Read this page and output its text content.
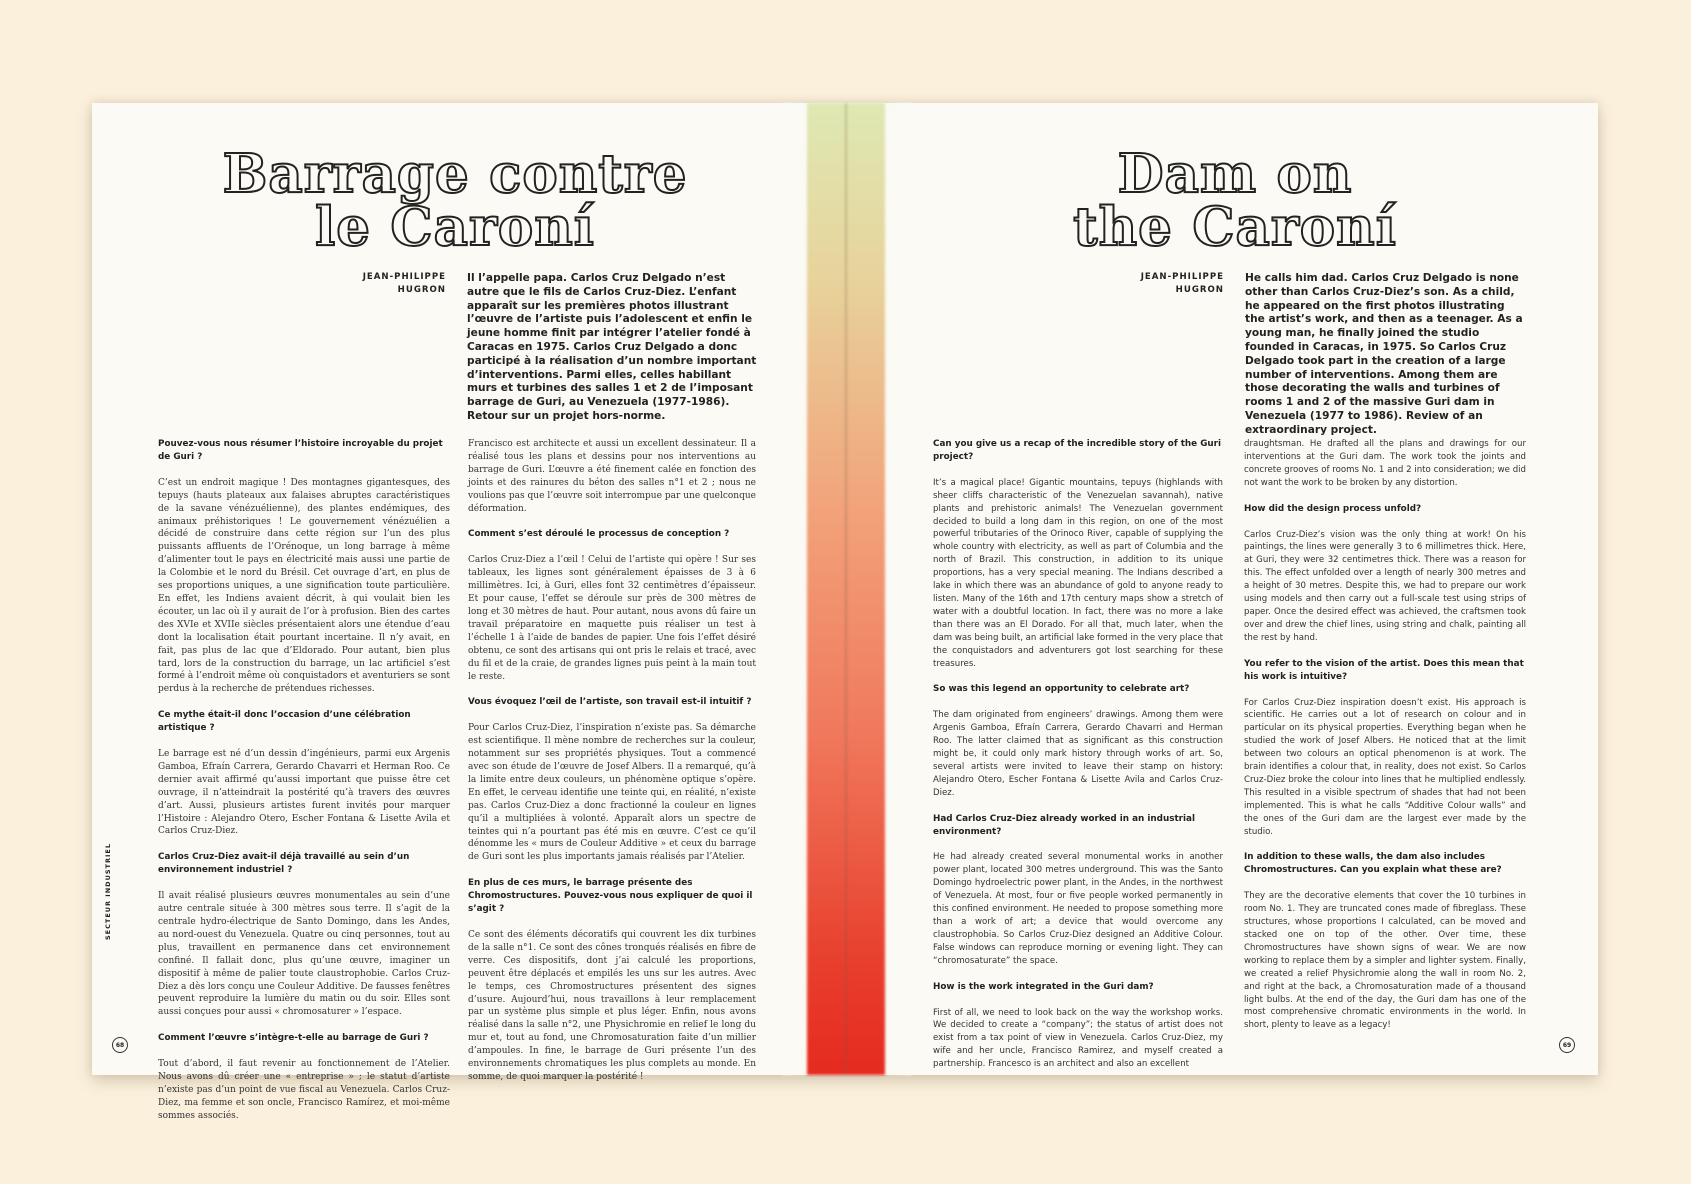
Barrage contre
le Caroní
JEAN-PHILIPPE
HUGRON
Il l’appelle papa. Carlos Cruz Delgado n’est autre que le fils de Carlos Cruz-Diez. L’enfant apparaît sur les premières photos illustrant l’œuvre de l’artiste puis l’adolescent et enfin le jeune homme finit par intégrer l’atelier fondé à Caracas en 1975. Carlos Cruz Delgado a donc participé à la réalisation d’un nombre important d’interventions. Parmi elles, celles habillant murs et turbines des salles 1 et 2 de l’imposant barrage de Guri, au Venezuela (1977-1986). Retour sur un projet hors-norme.
Pouvez-vous nous résumer l’histoire incroyable du projet de Guri ?

C’est un endroit magique ! Des montagnes gigantesques, des tepuys (hauts plateaux aux falaises abruptes caractéristiques de la savane vénézuélienne), des plantes endémiques, des animaux préhistoriques ! Le gouvernement vénézuélien a décidé de construire dans cette région sur l’un des plus puissants affluents de l’Orénoque, un long barrage à même d’alimenter tout le pays en électricité mais aussi une partie de la Colombie et le nord du Brésil. Cet ouvrage d’art, en plus de ses proportions uniques, a une signification toute particulière. En effet, les Indiens avaient décrit, à qui voulait bien les écouter, un lac où il y aurait de l’or à profusion. Bien des cartes des XVIe et XVIIe siècles présentaient alors une étendue d’eau dont la localisation était pourtant incertaine. Il n’y avait, en fait, pas plus de lac que d’Eldorado. Pour autant, bien plus tard, lors de la construction du barrage, un lac artificiel s’est formé à l’endroit même où conquistadors et aventuriers se sont perdus à la recherche de prétendues richesses.

Ce mythe était-il donc l’occasion d’une célébration artistique ?

Le barrage est né d’un dessin d’ingénieurs, parmi eux Argenis Gamboa, Efraín Carrera, Gerardo Chavarri et Herman Roo. Ce dernier avait affirmé qu’aussi important que puisse être cet ouvrage, il n’atteindrait la postérité qu’à travers des œuvres d’art. Aussi, plusieurs artistes furent invités pour marquer l’Histoire : Alejandro Otero, Escher Fontana & Lisette Avila et Carlos Cruz-Diez.

Carlos Cruz-Diez avait-il déjà travaillé au sein d’un environnement industriel ?

Il avait réalisé plusieurs œuvres monumentales au sein d’une autre centrale située à 300 mètres sous terre. Il s’agit de la centrale hydro-électrique de Santo Domingo, dans les Andes, au nord-ouest du Venezuela. Quatre ou cinq personnes, tout au plus, travaillent en permanence dans cet environnement confiné. Il fallait donc, plus qu’une œuvre, imaginer un dispositif à même de palier toute claustrophobie. Carlos Cruz-Diez a dès lors conçu une Couleur Additive. De fausses fenêtres peuvent reproduire la lumière du matin ou du soir. Elles sont aussi conçues pour aussi « chromosaturer » l’espace.

Comment l’œuvre s’intègre-t-elle au barrage de Guri ?

Tout d’abord, il faut revenir au fonctionnement de l’Atelier. Nous avons dû créer une « entreprise » ; le statut d’artiste n’existe pas d’un point de vue fiscal au Venezuela. Carlos Cruz-Diez, ma femme et son oncle, Francisco Ramírez, et moi-même sommes associés.

Francisco est architecte et aussi un excellent dessinateur. Il a réalisé tous les plans et dessins pour nos interventions au barrage de Guri. L’œuvre a été finement calée en fonction des joints et des rainures du béton des salles n°1 et 2 ; nous ne voulions pas que l’œuvre soit interrompue par une quelconque déformation.

Comment s’est déroulé le processus de conception ?

Carlos Cruz-Diez a l’œil ! Celui de l’artiste qui opère ! Sur ses tableaux, les lignes sont généralement épaisses de 3 à 6 millimètres. Ici, à Guri, elles font 32 centimètres d’épaisseur. Et pour cause, l’effet se déroule sur près de 300 mètres de long et 30 mètres de haut. Pour autant, nous avons dû faire un travail préparatoire en maquette puis réaliser un test à l’échelle 1 à l’aide de bandes de papier. Une fois l’effet désiré obtenu, ce sont des artisans qui ont pris le relais et tracé, avec du fil et de la craie, de grandes lignes puis peint à la main tout le reste.

Vous évoquez l’œil de l’artiste, son travail est-il intuitif ?

Pour Carlos Cruz-Diez, l’inspiration n’existe pas. Sa démarche est scientifique. Il mène nombre de recherches sur la couleur, notamment sur ses propriétés physiques. Tout a commencé avec son étude de l’œuvre de Josef Albers. Il a remarqué, qu’à la limite entre deux couleurs, un phénomène optique s’opère. En effet, le cerveau identifie une teinte qui, en réalité, n’existe pas. Carlos Cruz-Diez a donc fractionné la couleur en lignes qu’il a multipliées à volonté. Apparaît alors un spectre de teintes qui n’a pourtant pas été mis en œuvre. C’est ce qu’il dénomme les « murs de Couleur Additive » et ceux du barrage de Guri sont les plus importants jamais réalisés par l’Atelier.

En plus de ces murs, le barrage présente des Chromostructures. Pouvez-vous nous expliquer de quoi il s’agit ?

Ce sont des éléments décoratifs qui couvrent les dix turbines de la salle n°1. Ce sont des cônes tronqués réalisés en fibre de verre. Ces dispositifs, dont j’ai calculé les proportions, peuvent être déplacés et empilés les uns sur les autres. Avec le temps, ces Chromostructures présentent des signes d’usure. Aujourd’hui, nous travaillons à leur remplacement par un système plus simple et plus léger. Enfin, nous avons réalisé dans la salle n°2, une Physichromie en relief le long du mur et, tout au fond, une Chromosaturation faite d’un millier d’ampoules. In fine, le barrage de Guri présente l’un des environnements chromatiques les plus complets au monde. En somme, de quoi marquer la postérité !

SECTEUR INDUSTRIEL
68
Dam on
the Caroní
JEAN-PHILIPPE
HUGRON
He calls him dad. Carlos Cruz Delgado is none other than Carlos Cruz-Diez’s son. As a child, he appeared on the first photos illustrating the artist’s work, and then as a teenager. As a young man, he finally joined the studio founded in Caracas, in 1975. So Carlos Cruz Delgado took part in the creation of a large number of interventions. Among them are those decorating the walls and turbines of rooms 1 and 2 of the massive Guri dam in Venezuela (1977 to 1986). Review of an extraordinary project.
Can you give us a recap of the incredible story of the Guri project?

It’s a magical place! Gigantic mountains, tepuys (highlands with sheer cliffs characteristic of the Venezuelan savannah), native plants and prehistoric animals! The Venezuelan government decided to build a long dam in this region, on one of the most powerful tributaries of the Orinoco River, capable of supplying the whole country with electricity, as well as part of Columbia and the north of Brazil. This construction, in addition to its unique proportions, has a very special meaning. The Indians described a lake in which there was an abundance of gold to anyone ready to listen. Many of the 16th and 17th century maps show a stretch of water with a doubtful location. In fact, there was no more a lake than there was an El Dorado. For all that, much later, when the dam was being built, an artificial lake formed in the very place that the conquistadors and adventurers got lost searching for these treasures.

So was this legend an opportunity to celebrate art?

The dam originated from engineers’ drawings. Among them were Argenis Gamboa, Efraín Carrera, Gerardo Chavarri and Herman Roo. The latter claimed that as significant as this construction might be, it could only mark history through works of art. So, several artists were invited to leave their stamp on history: Alejandro Otero, Escher Fontana & Lisette Avila and Carlos Cruz-Diez.

Had Carlos Cruz-Diez already worked in an industrial environment?

He had already created several monumental works in another power plant, located 300 metres underground. This was the Santo Domingo hydroelectric power plant, in the Andes, in the northwest of Venezuela. At most, four or five people worked permanently in this confined environment. He needed to propose something more than a work of art; a device that would overcome any claustrophobia. So Carlos Cruz-Diez designed an Additive Colour. False windows can reproduce morning or evening light. They can “chromosaturate” the space.

How is the work integrated in the Guri dam?

First of all, we need to look back on the way the workshop works. We decided to create a “company”; the status of artist does not exist from a tax point of view in Venezuela. Carlos Cruz-Diez, my wife and her uncle, Francisco Ramirez, and myself created a partnership. Francesco is an architect and also an excellent

draughtsman. He drafted all the plans and drawings for our interventions at the Guri dam. The work took the joints and concrete grooves of rooms No. 1 and 2 into consideration; we did not want the work to be broken by any distortion.

How did the design process unfold?

Carlos Cruz-Diez’s vision was the only thing at work! On his paintings, the lines were generally 3 to 6 millimetres thick. Here, at Guri, they were 32 centimetres thick. There was a reason for this. The effect unfolded over a length of nearly 300 metres and a height of 30 metres. Despite this, we had to prepare our work using models and then carry out a full-scale test using strips of paper. Once the desired effect was achieved, the craftsmen took over and drew the chief lines, using string and chalk, painting all the rest by hand.

You refer to the vision of the artist. Does this mean that his work is intuitive?

For Carlos Cruz-Diez inspiration doesn’t exist. His approach is scientific. He carries out a lot of research on colour and in particular on its physical properties. Everything began when he studied the work of Josef Albers. He noticed that at the limit between two colours an optical phenomenon is at work. The brain identifies a colour that, in reality, does not exist. So Carlos Cruz-Diez broke the colour into lines that he multiplied endlessly. This resulted in a visible spectrum of shades that had not been implemented. This is what he calls “Additive Colour walls” and the ones of the Guri dam are the largest ever made by the studio.

In addition to these walls, the dam also includes Chromostructures. Can you explain what these are?

They are the decorative elements that cover the 10 turbines in room No. 1. They are truncated cones made of fibreglass. These structures, whose proportions I calculated, can be moved and stacked one on top of the other. Over time, these Chromostructures have shown signs of wear. We are now working to replace them by a simpler and lighter system. Finally, we created a relief Physichromie along the wall in room No. 2, and right at the back, a Chromosaturation made of a thousand light bulbs. At the end of the day, the Guri dam has one of the most comprehensive chromatic environments in the world. In short, plenty to leave as a legacy!

69
